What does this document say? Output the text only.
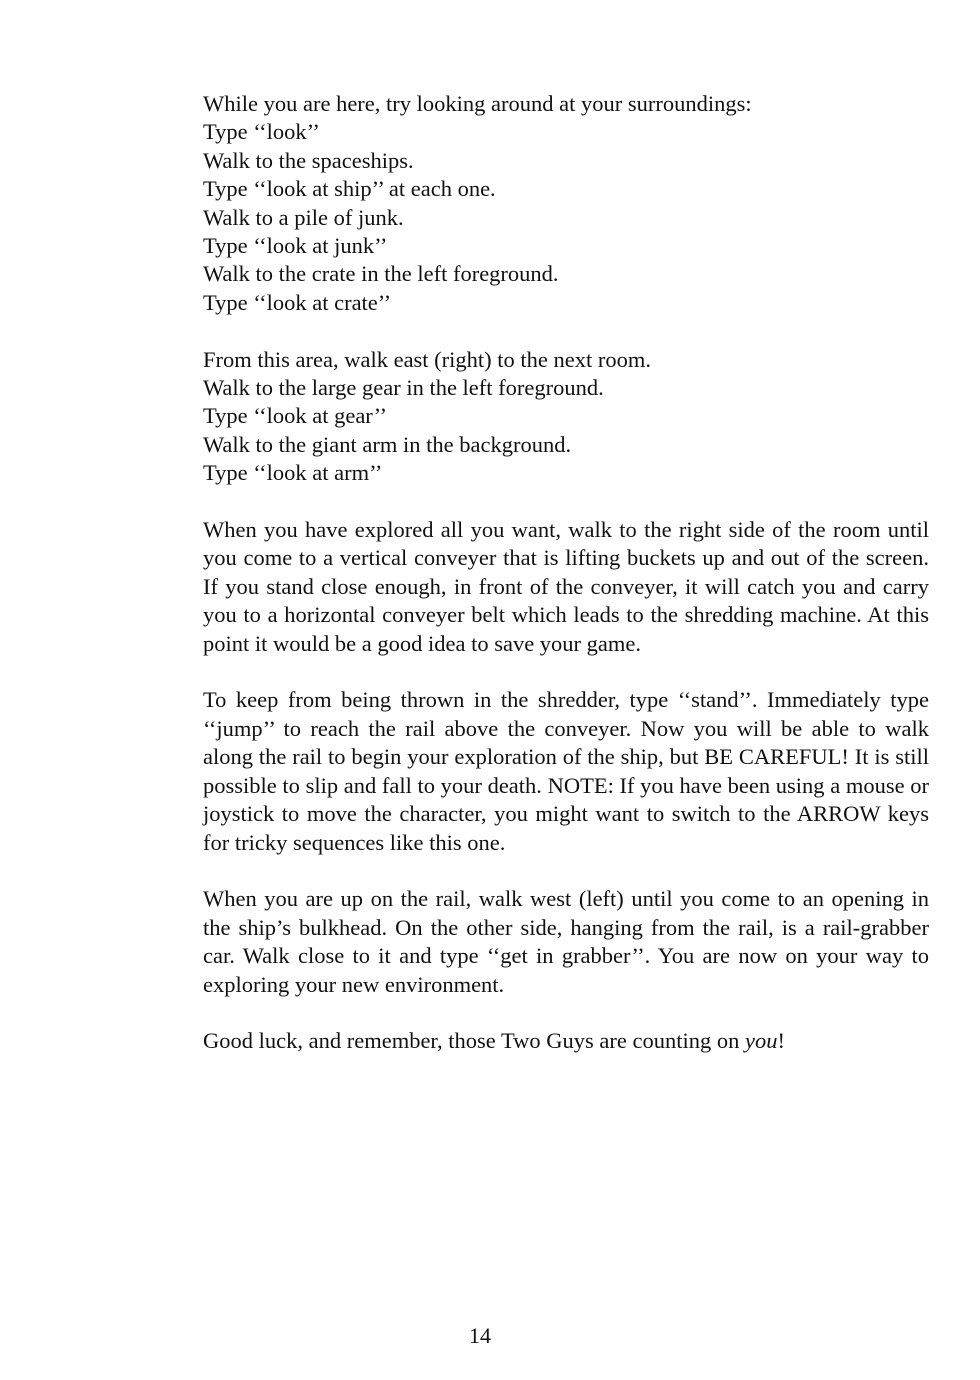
While you are here, try looking around at your surroundings:
Type ‘‘look’’
Walk to the spaceships.
Type ‘‘look at ship’’ at each one.
Walk to a pile of junk.
Type ‘‘look at junk’’
Walk to the crate in the left foreground.
Type ‘‘look at crate’’
From this area, walk east (right) to the next room.
Walk to the large gear in the left foreground.
Type ‘‘look at gear’’
Walk to the giant arm in the background.
Type ‘‘look at arm’’

When you have explored all you want, walk to the right side of the room until you come to a vertical conveyer that is lifting buckets up and out of the screen. If you stand close enough, in front of the conveyer, it will catch you and carry you to a horizontal conveyer belt which leads to the shredding machine. At this point it would be a good idea to save your game.

To keep from being thrown in the shredder, type ‘‘stand’’. Immediately type ‘‘jump’’ to reach the rail above the conveyer. Now you will be able to walk along the rail to begin your exploration of the ship, but BE CAREFUL! It is still possible to slip and fall to your death. NOTE: If you have been using a mouse or joystick to move the character, you might want to switch to the ARROW keys for tricky sequences like this one.

When you are up on the rail, walk west (left) until you come to an opening in the ship’s bulkhead. On the other side, hanging from the rail, is a rail-grabber car. Walk close to it and type ‘‘get in grabber’’. You are now on your way to exploring your new environment.

Good luck, and remember, those Two Guys are counting on you!

14
